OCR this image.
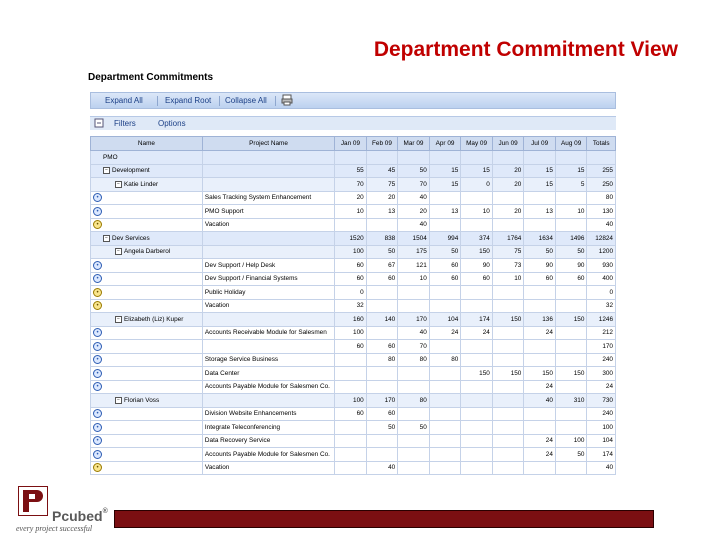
Department Commitment View
Department Commitments
Expand All	Expand Root Collapse All
Filters	Options
Name	Project Name	Jan 09	Feb 09	Mar 09	Apr 09	May 09	Jun 09	Jul 09	Aug 09	Totals
PMO										
− Development		55	45	50	15	15	20	15	15	255
− Katie Linder		70	75	70	15	0	20	15	5	250
•	Sales Tracking System Enhancement	20	20	40						80
•	PMO Support	10	13	20	13	10	20	13	10	130
•	Vacation			40						40
− Dev Services		1520	838	1504	994	374	1764	1634	1496	12824
− Angela Darberol		100	50	175	50	150	75	50	50	1200
•	Dev Support / Help Desk	60	67	121	60	90	73	90	90	930
•	Dev Support / Financial Systems	60	60	10	60	60	10	60	60	400
•	Public Holiday	0								0
•	Vacation	32								32
− Elizabeth (Liz) Kuper		160	140	170	104	174	150	136	150	1246
•	Accounts Receivable Module for Salesmen	100		40	24	24		24		212
•		60	60	70						170
•	Storage Service Business		80	80	80					240
•	Data Center					150	150	150	150	300
•	Accounts Payable Module for Salesmen Co.							24		24
− Florian Voss		100	170	80				40	310	730
•	Division Website Enhancements	60	60							240
•	Integrate Teleconferencing		50	50						100
•	Data Recovery Service							24	100	104
•	Accounts Payable Module for Salesmen Co.							24	50	174
•	Vacation		40							40
Pcubed®
every project successful
